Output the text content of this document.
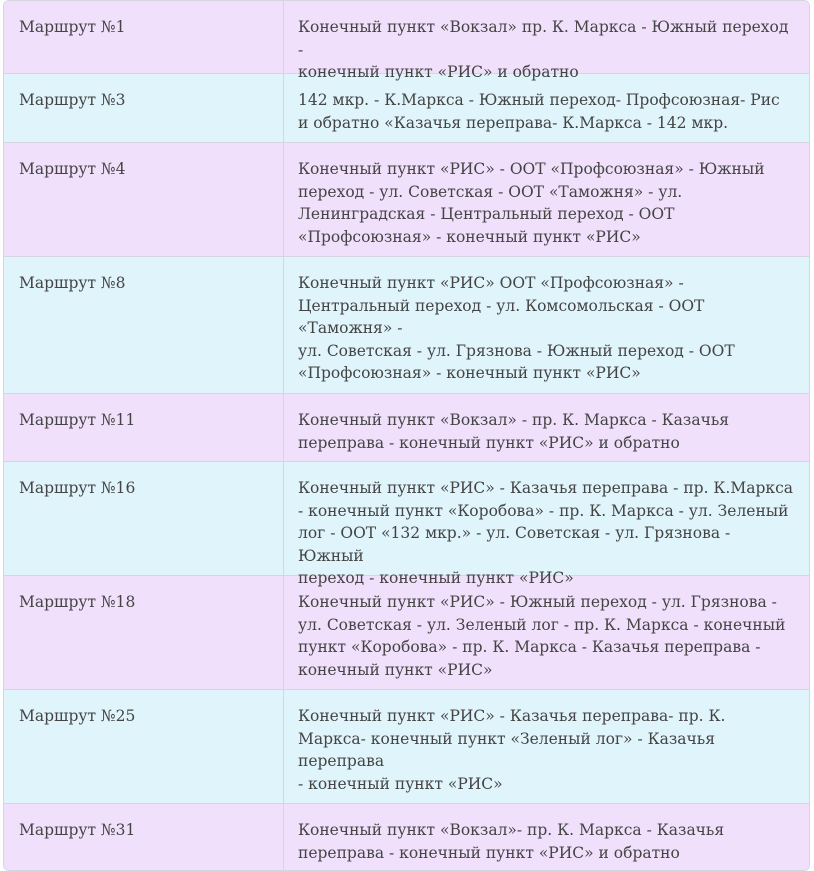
Маршрут №1	Конечный пункт «Вокзал» пр. К. Маркса - Южный переход -
конечный пункт «РИС» и обратно
Маршрут №3	142 мкр. - К.Маркса - Южный переход- Профсоюзная- Рис
и обратно «Казачья переправа- К.Маркса - 142 мкр.
Маршрут №4	Конечный пункт «РИС» - ООТ «Профсоюзная» - Южный
переход - ул. Советская - ООТ «Таможня» - ул.
Ленинградская - Центральный переход - ООТ
«Профсоюзная» - конечный пункт «РИС»
Маршрут №8	Конечный пункт «РИС» ООТ «Профсоюзная» -
Центральный переход - ул. Комсомольская - ООТ
«Таможня» -
ул. Советская - ул. Грязнова - Южный переход - ООТ
«Профсоюзная» - конечный пункт «РИС»
Маршрут №11	Конечный пункт «Вокзал» - пр. К. Маркса - Казачья
переправа - конечный пункт «РИС» и обратно
Маршрут №16	Конечный пункт «РИС» - Казачья переправа - пр. К.Маркса
- конечный пункт «Коробова» - пр. К. Маркса - ул. Зеленый
лог - ООТ «132 мкр.» - ул. Советская - ул. Грязнова - Южный
переход - конечный пункт «РИС»
Маршрут №18	Конечный пункт «РИС» - Южный переход - ул. Грязнова -
ул. Советская - ул. Зеленый лог - пр. К. Маркса - конечный
пункт «Коробова» - пр. К. Маркса - Казачья переправа -
конечный пункт «РИС»
Маршрут №25	Конечный пункт «РИС» - Казачья переправа- пр. К.
Маркса- конечный пункт «Зеленый лог» - Казачья
переправа
- конечный пункт «РИС»
Маршрут №31	Конечный пункт «Вокзал»- пр. К. Маркса - Казачья
переправа - конечный пункт «РИС» и обратно
